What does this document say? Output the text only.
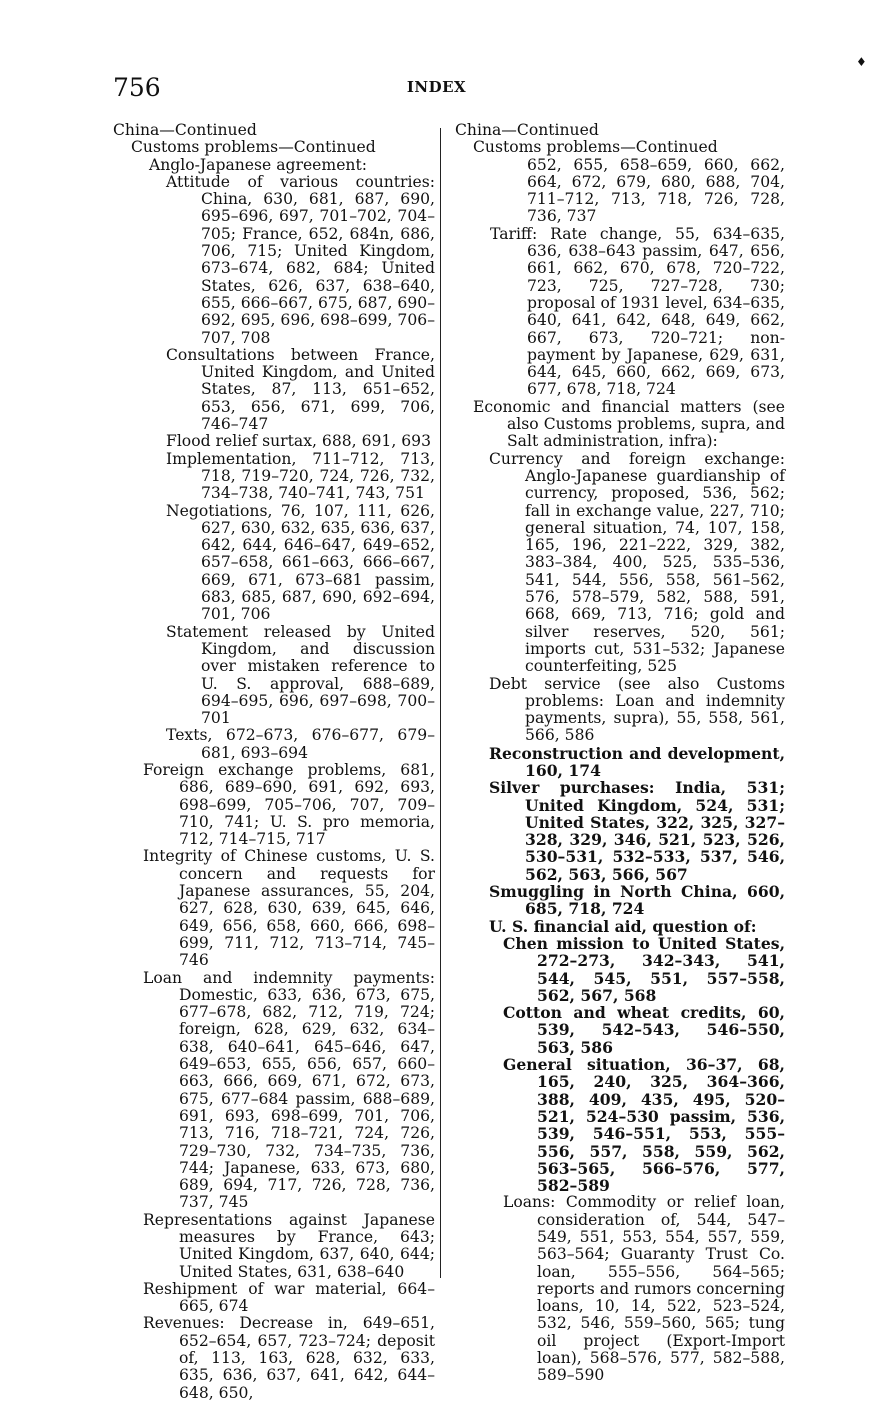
♦
756	INDEX
China—Continued
Customs problems—Continued
Anglo-Japanese agreement:
Attitude of various countries: China, 630, 681, 687, 690, 695–696, 697, 701–702, 704–705; France, 652, 684n, 686, 706, 715; United Kingdom, 673–674, 682, 684; United States, 626, 637, 638–640, 655, 666–667, 675, 687, 690–692, 695, 696, 698–699, 706–707, 708
Consultations between France, United Kingdom, and United States, 87, 113, 651–652, 653, 656, 671, 699, 706, 746–747
Flood relief surtax, 688, 691, 693
Implementation, 711–712, 713, 718, 719–720, 724, 726, 732, 734–738, 740–741, 743, 751
Negotiations, 76, 107, 111, 626, 627, 630, 632, 635, 636, 637, 642, 644, 646–647, 649–652, 657–658, 661–663, 666–667, 669, 671, 673–681 passim, 683, 685, 687, 690, 692–694, 701, 706
Statement released by United Kingdom, and discussion over mistaken reference to U. S. approval, 688–689, 694–695, 696, 697–698, 700–701
Texts, 672–673, 676–677, 679–681, 693–694
Foreign exchange problems, 681, 686, 689–690, 691, 692, 693, 698–699, 705–706, 707, 709–710, 741; U. S. pro memoria, 712, 714–715, 717
Integrity of Chinese customs, U. S. concern and requests for Japanese assurances, 55, 204, 627, 628, 630, 639, 645, 646, 649, 656, 658, 660, 666, 698–699, 711, 712, 713–714, 745–746
Loan and indemnity payments: Domestic, 633, 636, 673, 675, 677–678, 682, 712, 719, 724; foreign, 628, 629, 632, 634–638, 640–641, 645–646, 647, 649–653, 655, 656, 657, 660–663, 666, 669, 671, 672, 673, 675, 677–684 passim, 688–689, 691, 693, 698–699, 701, 706, 713, 716, 718–721, 724, 726, 729–730, 732, 734–735, 736, 744; Japanese, 633, 673, 680, 689, 694, 717, 726, 728, 736, 737, 745
Representations against Japanese measures by France, 643; United Kingdom, 637, 640, 644; United States, 631, 638–640
Reshipment of war material, 664–665, 674
Revenues: Decrease in, 649–651, 652–654, 657, 723–724; deposit of, 113, 163, 628, 632, 633, 635, 636, 637, 641, 642, 644–648, 650,
China—Continued
Customs problems—Continued
652, 655, 658–659, 660, 662, 664, 672, 679, 680, 688, 704, 711–712, 713, 718, 726, 728, 736, 737
Tariff: Rate change, 55, 634–635, 636, 638–643 passim, 647, 656, 661, 662, 670, 678, 720–722, 723, 725, 727–728, 730; proposal of 1931 level, 634–635, 640, 641, 642, 648, 649, 662, 667, 673, 720–721; non-payment by Japanese, 629, 631, 644, 645, 660, 662, 669, 673, 677, 678, 718, 724
Economic and financial matters (see also Customs problems, supra, and Salt administration, infra):
Currency and foreign exchange: Anglo-Japanese guardianship of currency, proposed, 536, 562; fall in exchange value, 227, 710; general situation, 74, 107, 158, 165, 196, 221–222, 329, 382, 383–384, 400, 525, 535–536, 541, 544, 556, 558, 561–562, 576, 578–579, 582, 588, 591, 668, 669, 713, 716; gold and silver reserves, 520, 561; imports cut, 531–532; Japanese counterfeiting, 525
Debt service (see also Customs problems: Loan and indemnity payments, supra), 55, 558, 561, 566, 586
Reconstruction and development, 160, 174
Silver purchases: India, 531; United Kingdom, 524, 531; United States, 322, 325, 327–328, 329, 346, 521, 523, 526, 530–531, 532–533, 537, 546, 562, 563, 566, 567
Smuggling in North China, 660, 685, 718, 724
U. S. financial aid, question of:
Chen mission to United States, 272–273, 342–343, 541, 544, 545, 551, 557–558, 562, 567, 568
Cotton and wheat credits, 60, 539, 542–543, 546–550, 563, 586
General situation, 36–37, 68, 165, 240, 325, 364–366, 388, 409, 435, 495, 520–521, 524–530 passim, 536, 539, 546–551, 553, 555–556, 557, 558, 559, 562, 563–565, 566–576, 577, 582–589
Loans: Commodity or relief loan, consideration of, 544, 547–549, 551, 553, 554, 557, 559, 563–564; Guaranty Trust Co. loan, 555–556, 564–565; reports and rumors concerning loans, 10, 14, 522, 523–524, 532, 546, 559–560, 565; tung oil project (Export-Import loan), 568–576, 577, 582–588, 589–590
